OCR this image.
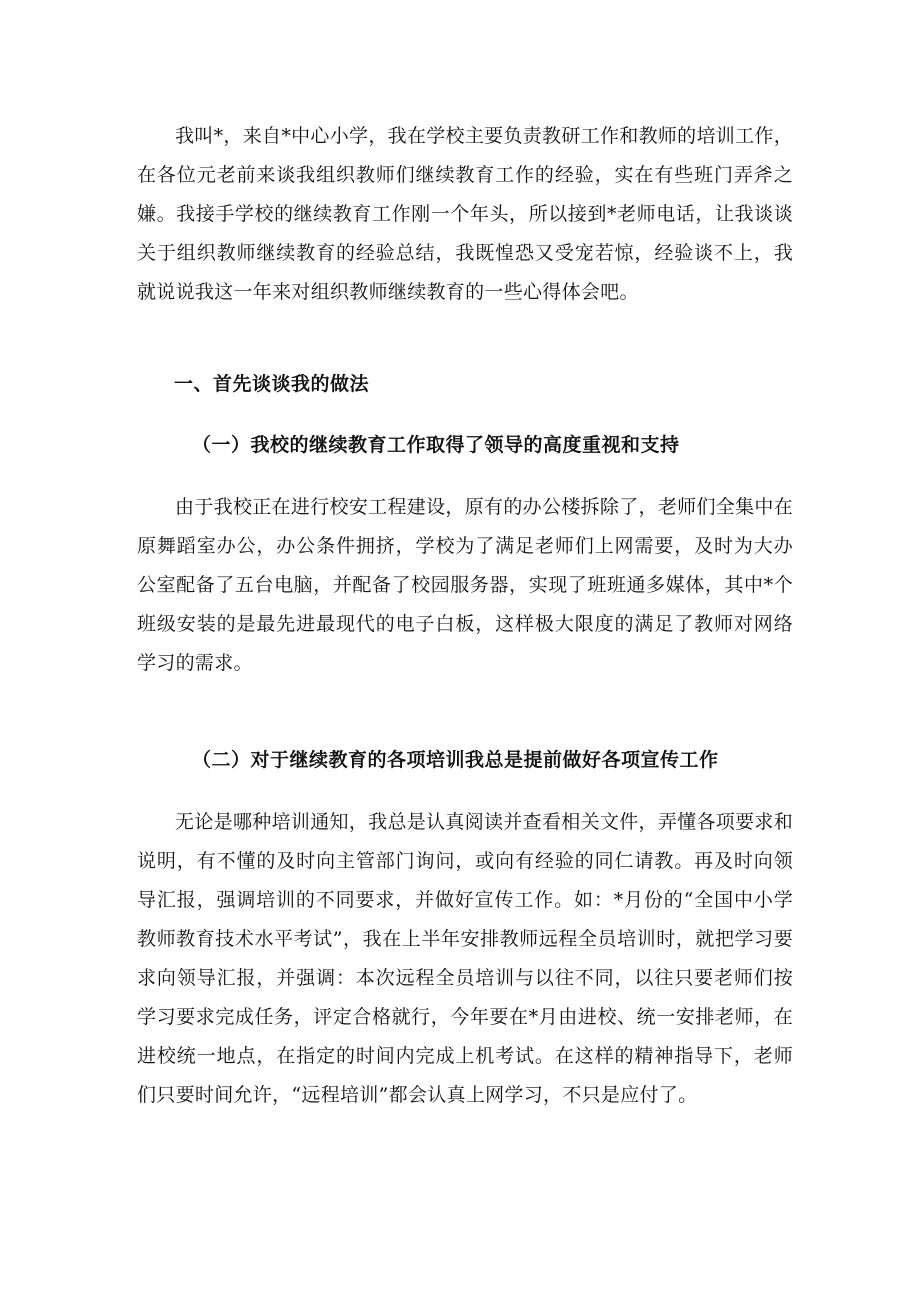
我叫*，来自*中心小学，我在学校主要负责教研工作和教师的培训工作，在各位元老前来谈我组织教师们继续教育工作的经验，实在有些班门弄斧之嫌。我接手学校的继续教育工作刚一个年头，所以接到*老师电话，让我谈谈关于组织教师继续教育的经验总结，我既惶恐又受宠若惊，经验谈不上，我就说说我这一年来对组织教师继续教育的一些心得体会吧。

一、首先谈谈我的做法
（一）我校的继续教育工作取得了领导的高度重视和支持

由于我校正在进行校安工程建设，原有的办公楼拆除了，老师们全集中在原舞蹈室办公，办公条件拥挤，学校为了满足老师们上网需要，及时为大办公室配备了五台电脑，并配备了校园服务器，实现了班班通多媒体，其中*个班级安装的是最先进最现代的电子白板，这样极大限度的满足了教师对网络学习的需求。

（二）对于继续教育的各项培训我总是提前做好各项宣传工作

无论是哪种培训通知，我总是认真阅读并查看相关文件，弄懂各项要求和说明，有不懂的及时向主管部门询问，或向有经验的同仁请教。再及时向领导汇报，强调培训的不同要求，并做好宣传工作。如：*月份的“全国中小学教师教育技术水平考试”，我在上半年安排教师远程全员培训时，就把学习要求向领导汇报，并强调：本次远程全员培训与以往不同，以往只要老师们按学习要求完成任务，评定合格就行，今年要在*月由进校、统一安排老师，在进校统一地点，在指定的时间内完成上机考试。在这样的精神指导下，老师们只要时间允许，“远程培训”都会认真上网学习，不只是应付了。
